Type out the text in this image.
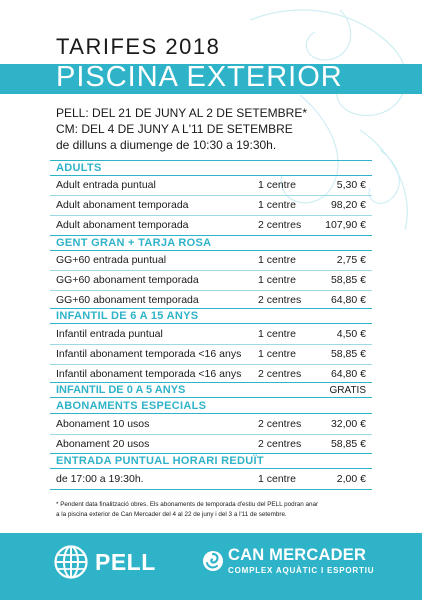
TARIFES 2018
PISCINA EXTERIOR
PELL: DEL 21 DE JUNY AL 2 DE SETEMBRE*
CM: DEL 4 DE JUNY A L'11 DE SETEMBRE
de dilluns a diumenge de 10:30 a 19:30h.
ADULTS
Adult entrada puntual	1 centre	5,30 €
Adult abonament temporada	1 centre	98,20 €
Adult abonament temporada	2 centres 107,90 €
GENT GRAN + TARJA ROSA
GG+60 entrada puntual	1 centre	2,75 €
GG+60 abonament temporada	1 centre	58,85 €
GG+60 abonament temporada	2 centres	64,80 €
INFANTIL DE 6 A 15 ANYS
Infantil entrada puntual	1 centre	4,50 €
Infantil abonament temporada <16 anys 1 centre	58,85 €
Infantil abonament temporada <16 anys 2 centres	64,80 €
INFANTIL DE 0 A 5 ANYS	GRATIS
ABONAMENTS ESPECIALS
Abonament 10 usos	2 centres	32,00 €
Abonament 20 usos	2 centres	58,85 €
ENTRADA PUNTUAL HORARI REDUÏT
de 17:00 a 19:30h.	1 centre	2,00 €
* Pendent data finalització obres. Els abonaments de temporada d'estiu del PELL podran anar
a la piscina exterior de Can Mercader del 4 al 22 de juny i del 3 a l'11 de setembre.
PELL	CAN MERCADER
COMPLEX AQUÀTIC I ESPORTIU
